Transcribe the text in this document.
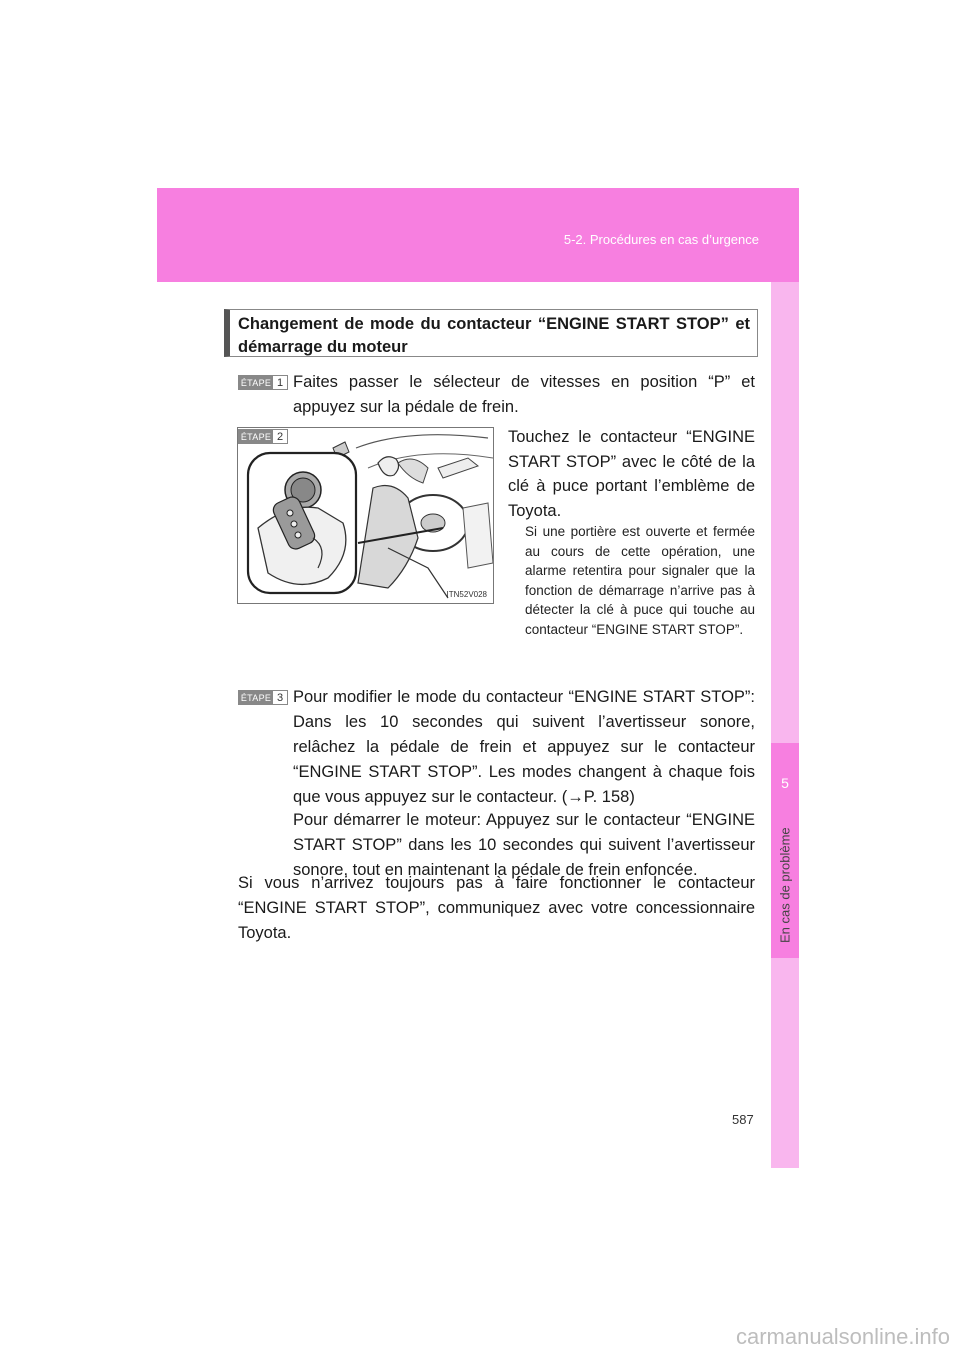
5-2. Procédures en cas d’urgence
5
En cas de problème
Changement de mode du contacteur “ENGINE START STOP” et démarrage du moteur
ÉTAPE 1 Faites passer le sélecteur de vitesses en position “P” et appuyez sur la pédale de frein.
ITN52V028
ÉTAPE 2	Touchez le contacteur “ENGINE START STOP” avec le côté de la clé à puce portant l’emblème de Toyota.
Si une portière est ouverte et fermée au cours de cette opération, une alarme retentira pour signaler que la fonction de démarrage n’arrive pas à détecter la clé à puce qui touche au contacteur “ENGINE START STOP”.
ÉTAPE 3 Pour modifier le mode du contacteur “ENGINE START STOP”: Dans les 10 secondes qui suivent l’avertisseur sonore, relâchez la pédale de frein et appuyez sur le contacteur “ENGINE START STOP”. Les modes changent à chaque fois que vous appuyez sur le contacteur. (→P. 158)
Pour démarrer le moteur: Appuyez sur le contacteur “ENGINE START STOP” dans les 10 secondes qui suivent l’avertisseur sonore, tout en maintenant la pédale de frein enfoncée.
Si vous n’arrivez toujours pas à faire fonctionner le contacteur “ENGINE START STOP”, communiquez avec votre concessionnaire Toyota.
587
carmanualsonline.info
